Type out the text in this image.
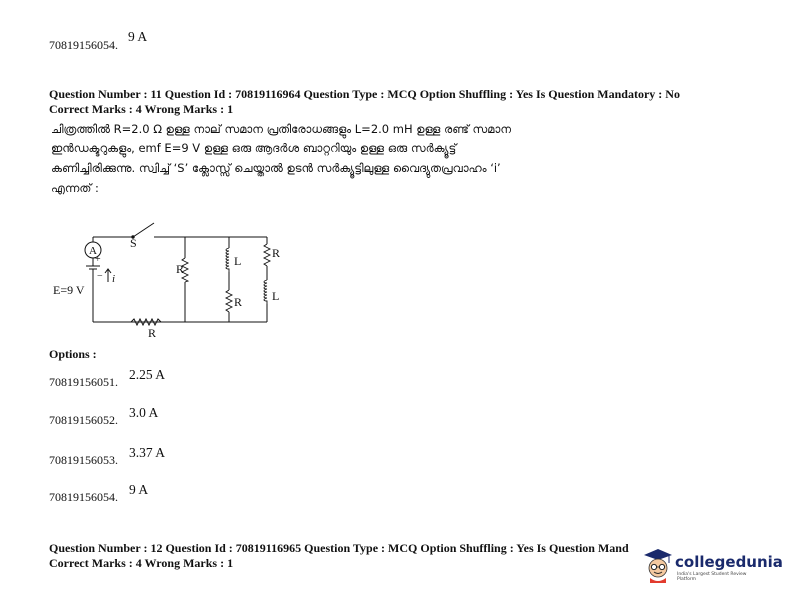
70819156054.
9 A
Question Number : 11 Question Id : 70819116964 Question Type : MCQ Option Shuffling : Yes Is Question Mandatory : No
Correct Marks : 4 Wrong Marks : 1
ചിത്രത്തിൽ R=2.0 Ω ഉള്ള നാല് സമാന പ്രതിരോധങ്ങളും L=2.0 mH ഉള്ള രണ്ട് സമാന
ഇൻഡക്ടറുകളും, emf E=9 V ഉള്ള ഒരു ആദർശ ബാറ്ററിയും ഉള്ള ഒരു സർക്യൂട്ട്
കണിച്ചിരിക്കുന്നു. സ്വിച്ച് ‘S’ ക്ലോസ്സ് ചെയ്താൽ ഉടൻ സർക്യൂട്ടിലുള്ള വൈദ്യുതപ്രവാഹം ‘i’
എന്നത് :
A
S
+
− i
E=9 V
R
R
L
R
R
L
Options :
70819156051. 2.25 A
70819156052. 3.0 A
70819156053. 3.37 A
70819156054. 9 A
Question Number : 12 Question Id : 70819116965 Question Type : MCQ Option Shuffling : Yes Is Question Mand
Correct Marks : 4 Wrong Marks : 1	collegedunia
India's Largest Student Review Platform
